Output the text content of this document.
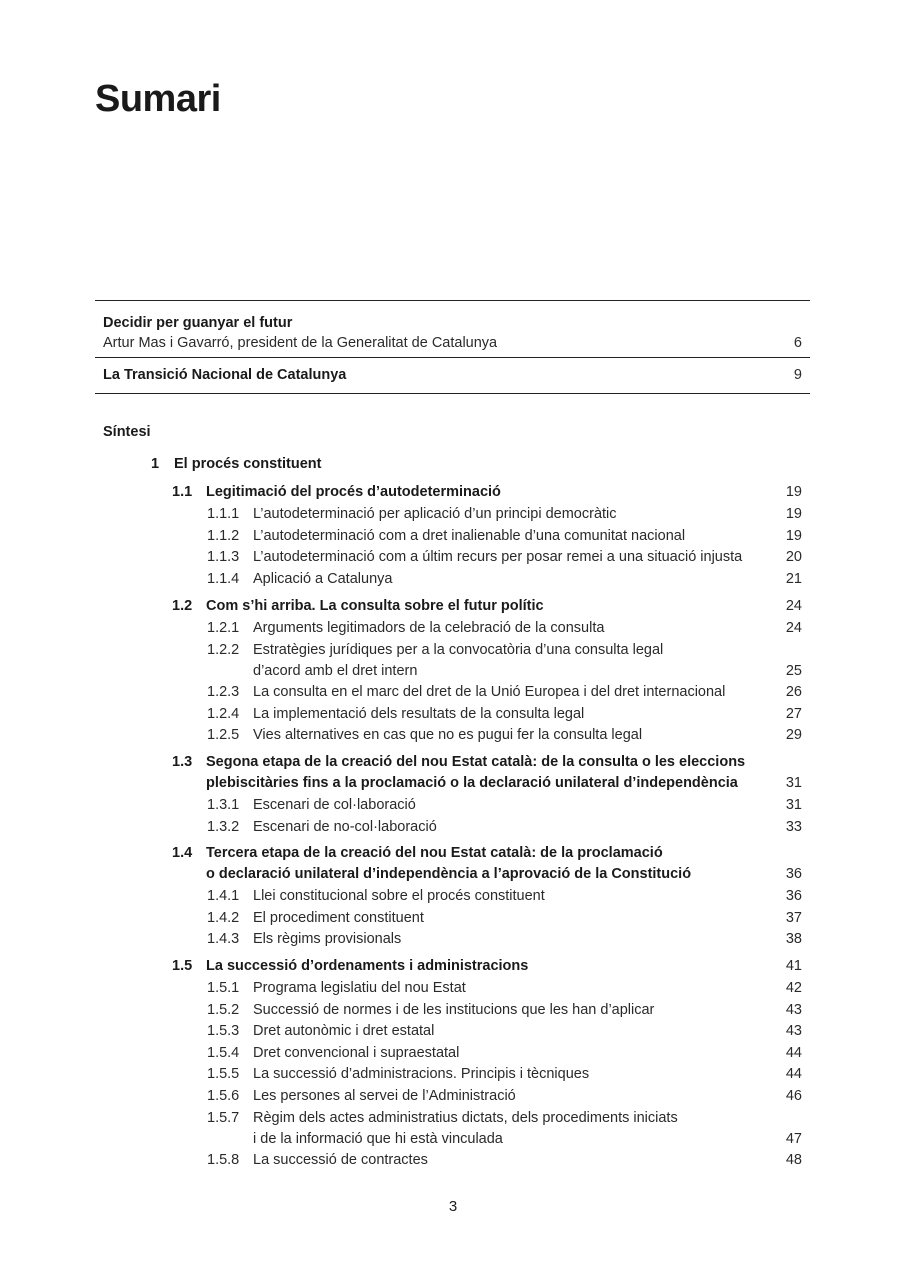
Sumari
Decidir per guanyar el futur
Artur Mas i Gavarró, president de la Generalitat de Catalunya	6
La Transició Nacional de Catalunya	9
Síntesi
1 El procés constituent
1.1 Legitimació del procés d’autodeterminació	19
1.1.1 L’autodeterminació per aplicació d’un principi democràtic	19
1.1.2 L’autodeterminació com a dret inalienable d’una comunitat nacional	19
1.1.3 L’autodeterminació com a últim recurs per posar remei a una situació injusta	20
1.1.4 Aplicació a Catalunya	21
1.2 Com s’hi arriba. La consulta sobre el futur polític	24
1.2.1 Arguments legitimadors de la celebració de la consulta	24
1.2.2 Estratègies jurídiques per a la convocatòria d’una consulta legal
d’acord amb el dret intern	25
1.2.3 La consulta en el marc del dret de la Unió Europea i del dret internacional	26
1.2.4 La implementació dels resultats de la consulta legal	27
1.2.5 Vies alternatives en cas que no es pugui fer la consulta legal	29
1.3 Segona etapa de la creació del nou Estat català: de la consulta o les eleccions
plebiscitàries fins a la proclamació o la declaració unilateral d’independència	31
1.3.1 Escenari de col·laboració	31
1.3.2 Escenari de no-col·laboració	33
1.4 Tercera etapa de la creació del nou Estat català: de la proclamació
o declaració unilateral d’independència a l’aprovació de la Constitució	36
1.4.1 Llei constitucional sobre el procés constituent	36
1.4.2 El procediment constituent	37
1.4.3 Els règims provisionals	38
1.5 La successió d’ordenaments i administracions	41
1.5.1 Programa legislatiu del nou Estat	42
1.5.2 Successió de normes i de les institucions que les han d’aplicar	43
1.5.3 Dret autonòmic i dret estatal	43
1.5.4 Dret convencional i supraestatal	44
1.5.5 La successió d’administracions. Principis i tècniques	44
1.5.6 Les persones al servei de l’Administració	46
1.5.7 Règim dels actes administratius dictats, dels procediments iniciats
i de la informació que hi està vinculada	47
1.5.8 La successió de contractes	48
3
